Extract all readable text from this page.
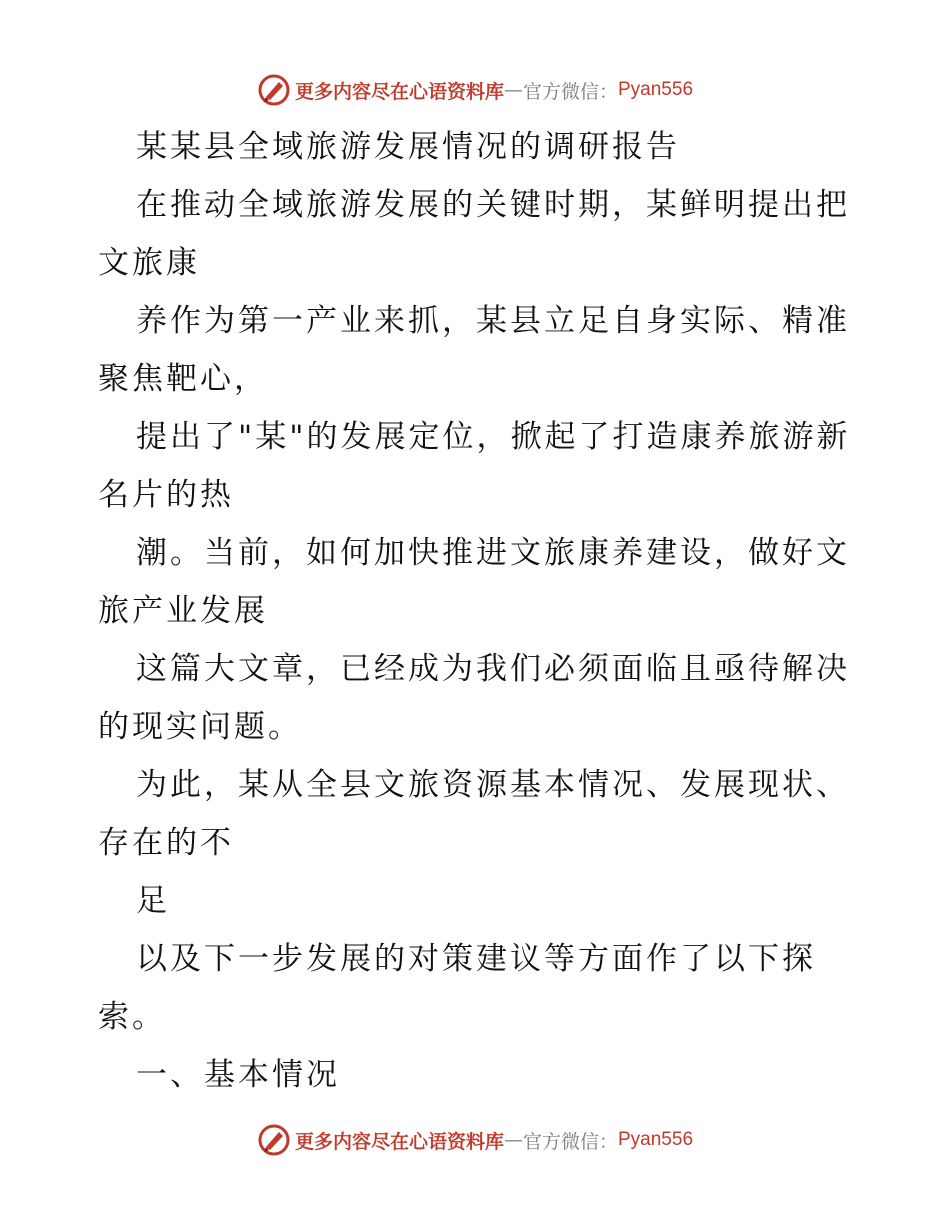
更多内容尽在心语资料库 — 官方微信： Pyan556
某某县全域旅游发展情况的调研报告
在推动全域旅游发展的关键时期，某鲜明提出把
文旅康
养作为第一产业来抓，某县立足自身实际、精准
聚焦靶心，
提出了"某"的发展定位，掀起了打造康养旅游新
名片的热
潮。当前，如何加快推进文旅康养建设，做好文
旅产业发展
这篇大文章，已经成为我们必须面临且亟待解决
的现实问题。
为此，某从全县文旅资源基本情况、发展现状、
存在的不
足
以及下一步发展的对策建议等方面作了以下探
索。
一、基本情况
更多内容尽在心语资料库 — 官方微信： Pyan556
